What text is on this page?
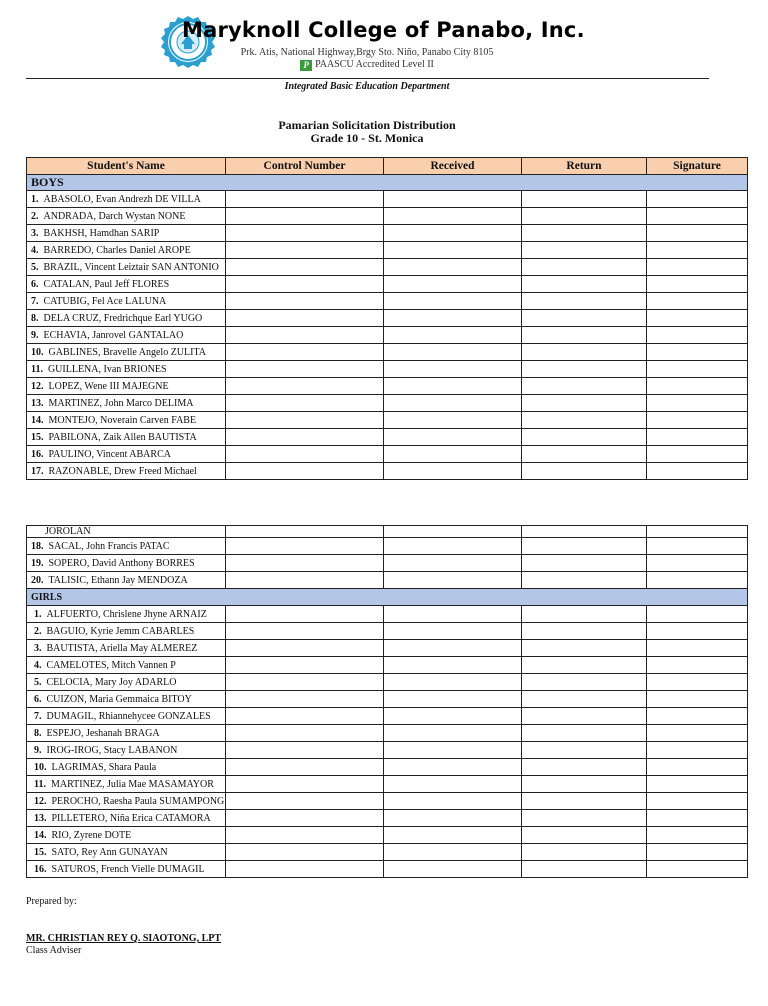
Maryknoll College of Panabo, Inc.
Prk. Atis, National Highway,Brgy Sto. Niño, Panabo City 8105
P PAASCU Accredited Level II
Integrated Basic Education Department
Pamarian Solicitation Distribution
Grade 10 - St. Monica
Student's Name	Control Number	Received	Return	Signature
BOYS				
1. ABASOLO, Evan Andrezh DE VILLA				
2. ANDRADA, Darch Wystan NONE				
3. BAKHSH, Hamdhan SARIP				
4. BARREDO, Charles Daniel AROPE				
5. BRAZIL, Vincent Leiztair SAN ANTONIO				
6. CATALAN, Paul Jeff FLORES				
7. CATUBIG, Fel Ace LALUNA				
8. DELA CRUZ, Fredrichque Earl YUGO				
9. ECHAVIA, Janrovel GANTALAO				
10. GABLINES, Bravelle Angelo ZULITA				
11. GUILLENA, Ivan BRIONES				
12. LOPEZ, Wene III MAJEGNE				
13. MARTINEZ, John Marco DELIMA				
14. MONTEJO, Noverain Carven FABE				
15. PABILONA, Zaik Allen BAUTISTA				
16. PAULINO, Vincent ABARCA				
17. RAZONABLE, Drew Freed Michael				
JOROLAN				
18. SACAL, John Francis PATAC				
19. SOPERO, David Anthony BORRES				
20. TALISIC, Ethann Jay MENDOZA				
GIRLS				
1. ALFUERTO, Chrislene Jhyne ARNAIZ				
2. BAGUIO, Kyrie Jemm CABARLES				
3. BAUTISTA, Ariella May ALMEREZ				
4. CAMELOTES, Mitch Vannen P				
5. CELOCIA, Mary Joy ADARLO				
6. CUIZON, Maria Gemmaica BITOY				
7. DUMAGIL, Rhiannehycee GONZALES				
8. ESPEJO, Jeshanah BRAGA				
9. IROG-IROG, Stacy LABANON				
10. LAGRIMAS, Shara Paula				
11. MARTINEZ, Julia Mae MASAMAYOR				
12. PEROCHO, Raesha Paula SUMAMPONG				
13. PILLETERO, Niña Erica CATAMORA				
14. RIO, Zyrene DOTE				
15. SATO, Rey Ann GUNAYAN				
16. SATUROS, French Vielle DUMAGIL				
Prepared by:
MR. CHRISTIAN REY Q. SIAOTONG, LPT
Class Adviser
